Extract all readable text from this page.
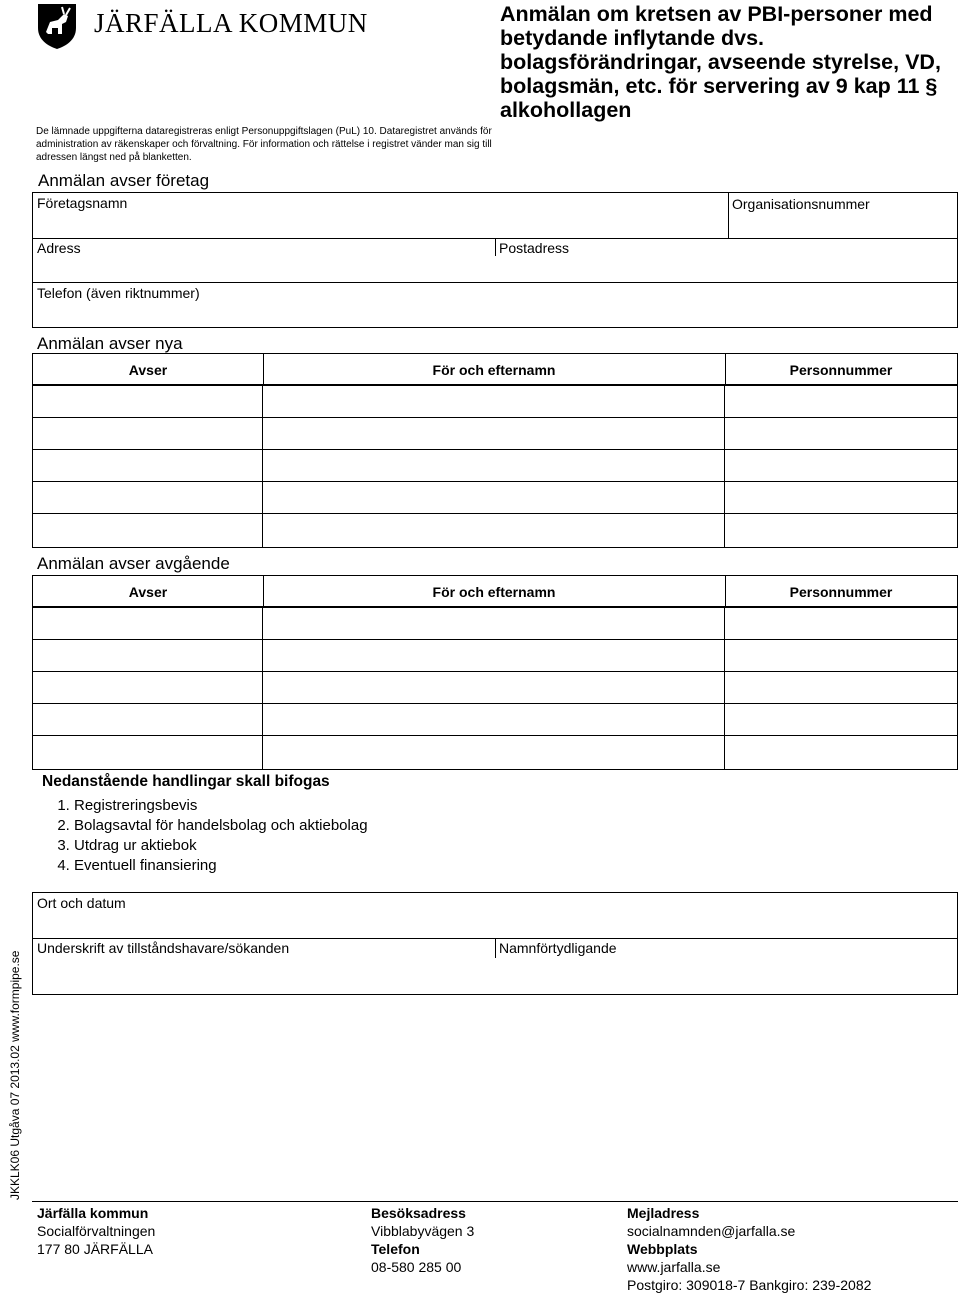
JÄRFÄLLA KOMMUN	Anmälan om kretsen av PBI-personer med betydande inflytande dvs. bolagsförändringar, avseende styrelse, VD, bolagsmän, etc. för servering av 9 kap 11 § alkohollagen
De lämnade uppgifterna dataregistreras enligt Personuppgiftslagen (PuL) 10. Dataregistret används för administration av räkenskaper och förvaltning. För information och rättelse i registret vänder man sig till adressen längst ned på blanketten.
Anmälan avser företag
Företagsnamn	Organisationsnummer
Adress	Postadress
Telefon (även riktnummer)
Anmälan avser nya
Avser	För och efternamn	Personnummer
Anmälan avser avgående
Avser	För och efternamn	Personnummer
Nedanstående handlingar skall bifogas
1. Registreringsbevis
2. Bolagsavtal för handelsbolag och aktiebolag
3. Utdrag ur aktiebok
4. Eventuell finansiering
Ort och datum
Underskrift av tillståndshavare/sökanden	Namnförtydligande
JKKLK06 Utgåva 07 2013.02 www.formpipe.se
Järfälla kommun
Socialförvaltningen
177 80 JÄRFÄLLA
Besöksadress
Vibblabyvägen 3
Telefon
08-580 285 00
Mejladress
socialnamnden@jarfalla.se
Webbplats
www.jarfalla.se
Postgiro: 309018-7 Bankgiro: 239-2082
